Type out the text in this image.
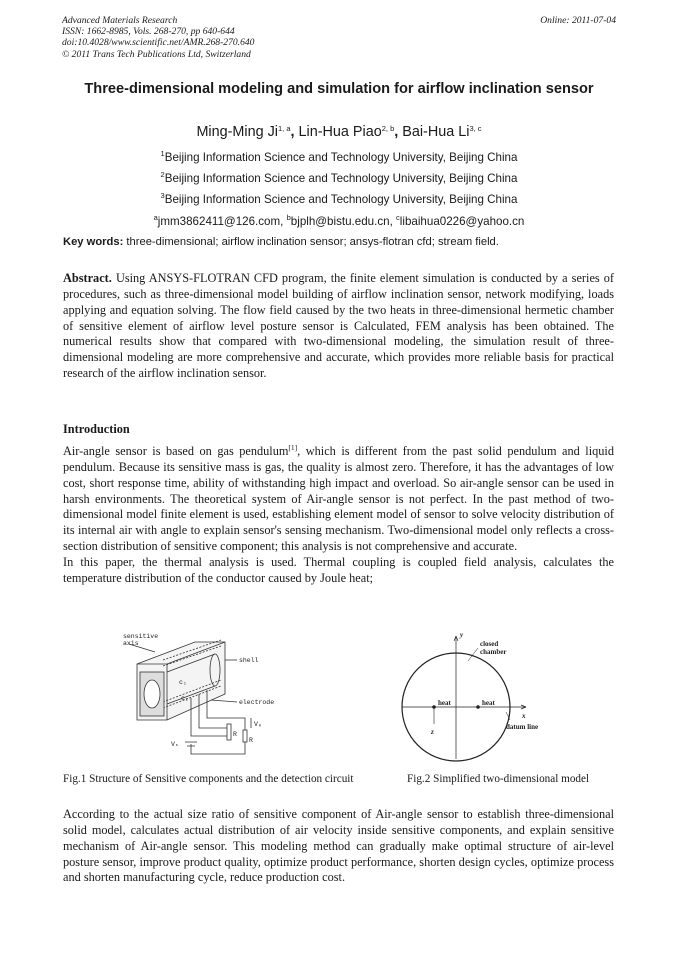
Advanced Materials Research
ISSN: 1662-8985, Vols. 268-270, pp 640-644
doi:10.4028/www.scientific.net/AMR.268-270.640
© 2011 Trans Tech Publications Ltd, Switzerland
Online: 2011-07-04
Three-dimensional modeling and simulation for airflow inclination sensor
Ming-Ming Ji$^{1, a}$, Lin-Hua Piao$^{2, b}$, Bai-Hua Li$^{3, c}$
$^1$Beijing Information Science and Technology University, Beijing China
$^2$Beijing Information Science and Technology University, Beijing China
$^3$Beijing Information Science and Technology University, Beijing China
$^a$jmm3862411@126.com, $^b$bjplh@bistu.edu.cn, $^c$libaihua0226@yahoo.cn
Key words: three-dimensional; airflow inclination sensor; ansys-flotran cfd; stream field.
Abstract. Using ANSYS-FLOTRAN CFD program, the finite element simulation is conducted by a series of procedures, such as three-dimensional model building of airflow inclination sensor, network modifying, loads applying and equation solving. The flow field caused by the two heats in three-dimensional hermetic chamber of sensitive element of airflow level posture sensor is Calculated, FEM analysis has been obtained. The numerical results show that compared with two-dimensional modeling, the simulation result of three-dimensional modeling are more comprehensive and accurate, which provides more reliable basis for practical research of the airflow inclination sensor.
Introduction
Air-angle sensor is based on gas pendulum[1], which is different from the past solid pendulum and liquid pendulum. Because its sensitive mass is gas, the quality is almost zero. Therefore, it has the advantages of low cost, short response time, ability of withstanding high impact and overload. So air-angle sensor can be used in harsh environments. The theoretical system of Air-angle sensor is not perfect. In the past method of two-dimensional model finite element is used, establishing element model of sensor to solve velocity distribution of its internal air with angle to explain sensor's sensing mechanism. Two-dimensional model only reflects a cross-section distribution of sensitive component; this analysis is not comprehensive and accurate.
In this paper, the thermal analysis is used. Thermal coupling is coupled field analysis, calculates the temperature distribution of the conductor caused by Joule heat;
sensitive
axis
shell
electrode
c₁
c₂
V₀
Vₛ
R
R
y
x
z
closed
chamber
heat	heat
datum line
Fig.1 Structure of Sensitive components and the detection circuit	Fig.2 Simplified two-dimensional model
According to the actual size ratio of sensitive component of Air-angle sensor to establish three-dimensional solid model, calculates actual distribution of air velocity inside sensitive components, and explain sensitive mechanism of Air-angle sensor. This modeling method can gradually make optimal structure of air-level posture sensor, improve product quality, optimize product performance, shorten design cycles, optimize process and shorten manufacturing cycle, reduce production cost.
